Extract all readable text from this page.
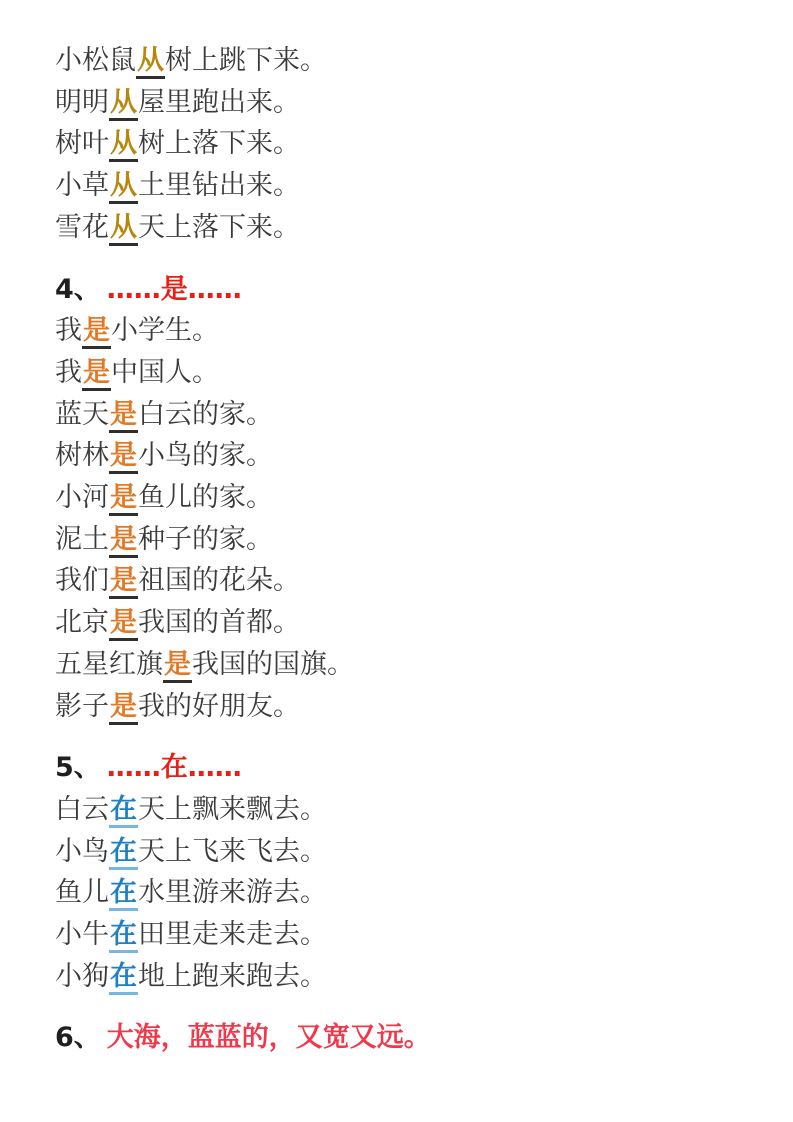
小松鼠从树上跳下来。
明明从屋里跑出来。
树叶从树上落下来。
小草从土里钻出来。
雪花从天上落下来。
4、 ……是……
我是小学生。
我是中国人。
蓝天是白云的家。
树林是小鸟的家。
小河是鱼儿的家。
泥土是种子的家。
我们是祖国的花朵。
北京是我国的首都。
五星红旗是我国的国旗。
影子是我的好朋友。
5、 ……在……
白云在天上飘来飘去。
小鸟在天上飞来飞去。
鱼儿在水里游来游去。
小牛在田里走来走去。
小狗在地上跑来跑去。
6、 大海，蓝蓝的，又宽又远。
